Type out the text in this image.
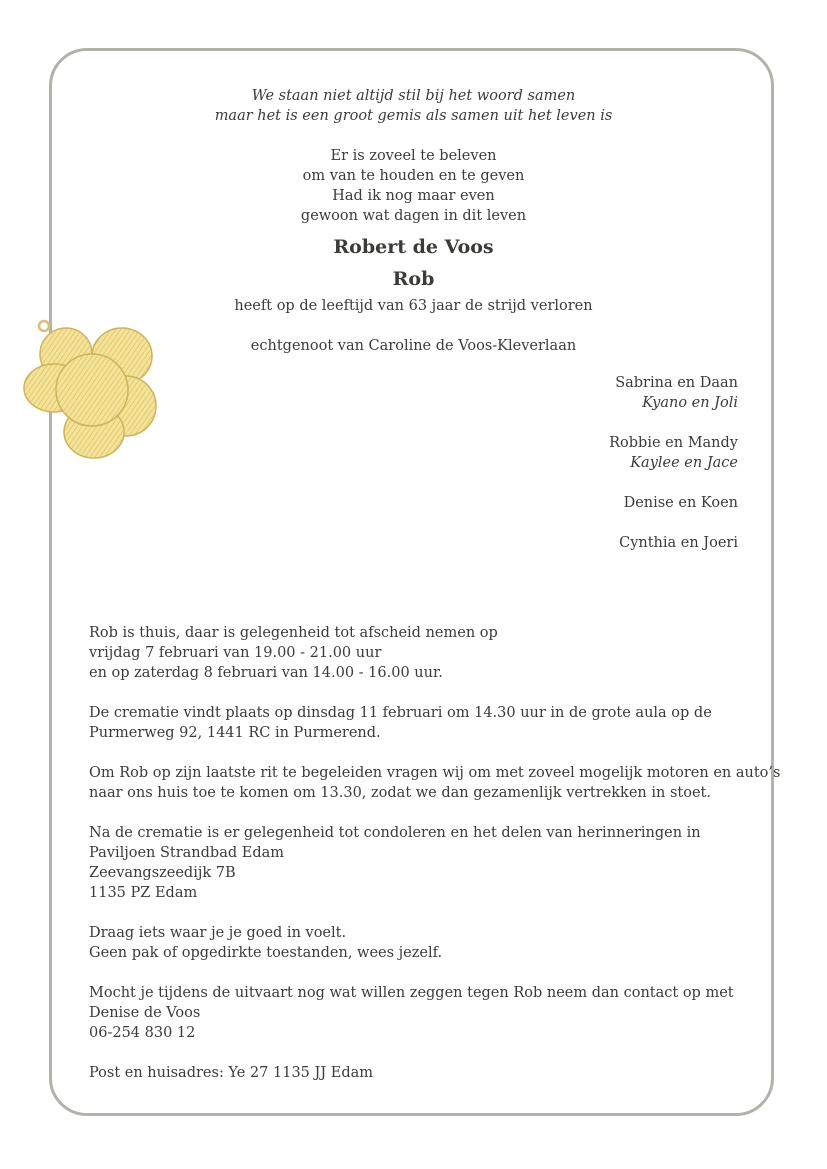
We staan niet altijd stil bij het woord samen
maar het is een groot gemis als samen uit het leven is
Er is zoveel te beleven
om van te houden en te geven
Had ik nog maar even
gewoon wat dagen in dit leven
Robert de Voos
Rob
heeft op de leeftijd van 63 jaar de strijd verloren
echtgenoot van Caroline de Voos-Kleverlaan
Sabrina en Daan
Kyano en Joli
Robbie en Mandy
Kaylee en Jace
Denise en Koen
Cynthia en Joeri
Rob is thuis, daar is gelegenheid tot afscheid nemen op
vrijdag 7 februari van 19.00 - 21.00 uur
en op zaterdag 8 februari van 14.00 - 16.00 uur.
De crematie vindt plaats op dinsdag 11 februari om 14.30 uur in de grote aula op de
Purmerweg 92, 1441 RC in Purmerend.
Om Rob op zijn laatste rit te begeleiden vragen wij om met zoveel mogelijk motoren en auto’s
naar ons huis toe te komen om 13.30, zodat we dan gezamenlijk vertrekken in stoet.
Na de crematie is er gelegenheid tot condoleren en het delen van herinneringen in
Paviljoen Strandbad Edam
Zeevangszeedijk 7B
1135 PZ Edam
Draag iets waar je je goed in voelt.
Geen pak of opgedirkte toestanden, wees jezelf.
Mocht je tijdens de uitvaart nog wat willen zeggen tegen Rob neem dan contact op met
Denise de Voos
06-254 830 12
Post en huisadres: Ye 27 1135 JJ Edam
